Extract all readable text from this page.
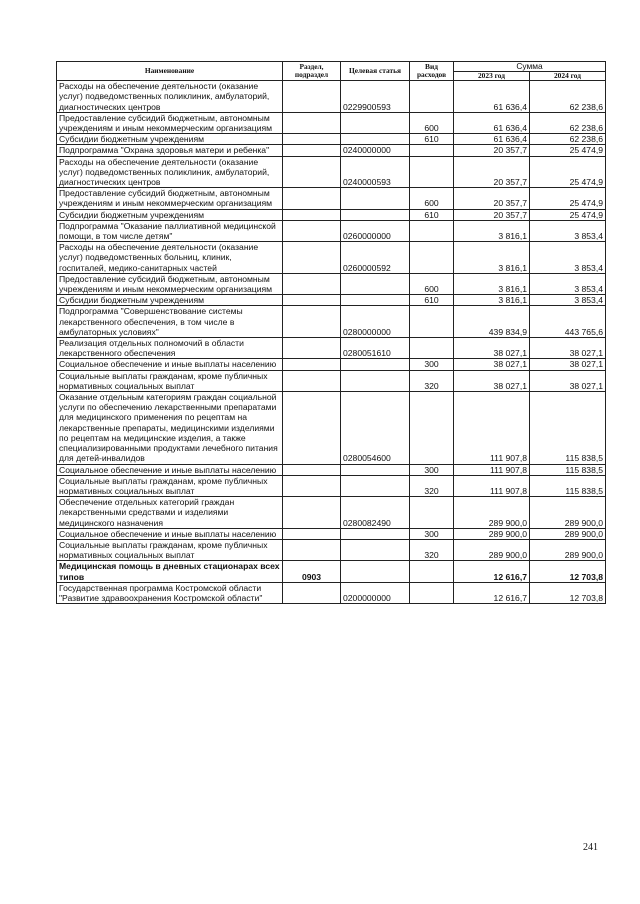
Наименование	Раздел, подраздел	Целевая статья	Вид расходов	Сумма	
				2023 год	2024 год
Расходы на обеспечение деятельности (оказание услуг) подведомственных поликлиник, амбулаторий, диагностических центров		0229900593		61 636,4	62 238,6
Предоставление субсидий бюджетным, автономным учреждениям и иным некоммерческим организациям			600	61 636,4	62 238,6
Субсидии бюджетным учреждениям			610	61 636,4	62 238,6
Подпрограмма "Охрана здоровья матери и ребенка"		0240000000		20 357,7	25 474,9
Расходы на обеспечение деятельности (оказание услуг) подведомственных поликлиник, амбулаторий, диагностических центров		0240000593		20 357,7	25 474,9
Предоставление субсидий бюджетным, автономным учреждениям и иным некоммерческим организациям			600	20 357,7	25 474,9
Субсидии бюджетным учреждениям			610	20 357,7	25 474,9
Подпрограмма "Оказание паллиативной медицинской помощи, в том числе детям"		0260000000		3 816,1	3 853,4
Расходы на обеспечение деятельности (оказание услуг) подведомственных больниц, клиник, госпиталей, медико-санитарных частей		0260000592		3 816,1	3 853,4
Предоставление субсидий бюджетным, автономным учреждениям и иным некоммерческим организациям			600	3 816,1	3 853,4
Субсидии бюджетным учреждениям			610	3 816,1	3 853,4
Подпрограмма "Совершенствование системы лекарственного обеспечения, в том числе в амбулаторных условиях"		0280000000		439 834,9	443 765,6
Реализация отдельных полномочий в области лекарственного обеспечения		0280051610		38 027,1	38 027,1
Социальное обеспечение и иные выплаты населению			300	38 027,1	38 027,1
Социальные выплаты гражданам, кроме публичных нормативных социальных выплат			320	38 027,1	38 027,1
Оказание отдельным категориям граждан социальной услуги по обеспечению лекарственными препаратами для медицинского применения по рецептам на лекарственные препараты, медицинскими изделиями по рецептам на медицинские изделия, а также специализированными продуктами лечебного питания для детей-инвалидов		0280054600		111 907,8	115 838,5
Социальное обеспечение и иные выплаты населению			300	111 907,8	115 838,5
Социальные выплаты гражданам, кроме публичных нормативных социальных выплат			320	111 907,8	115 838,5
Обеспечение отдельных категорий граждан лекарственными средствами и изделиями медицинского назначения		0280082490		289 900,0	289 900,0
Социальное обеспечение и иные выплаты населению			300	289 900,0	289 900,0
Социальные выплаты гражданам, кроме публичных нормативных социальных выплат			320	289 900,0	289 900,0
Медицинская помощь в дневных стационарах всех типов	0903			12 616,7	12 703,8
Государственная программа Костромской области "Развитие здравоохранения Костромской области"		0200000000		12 616,7	12 703,8
241
